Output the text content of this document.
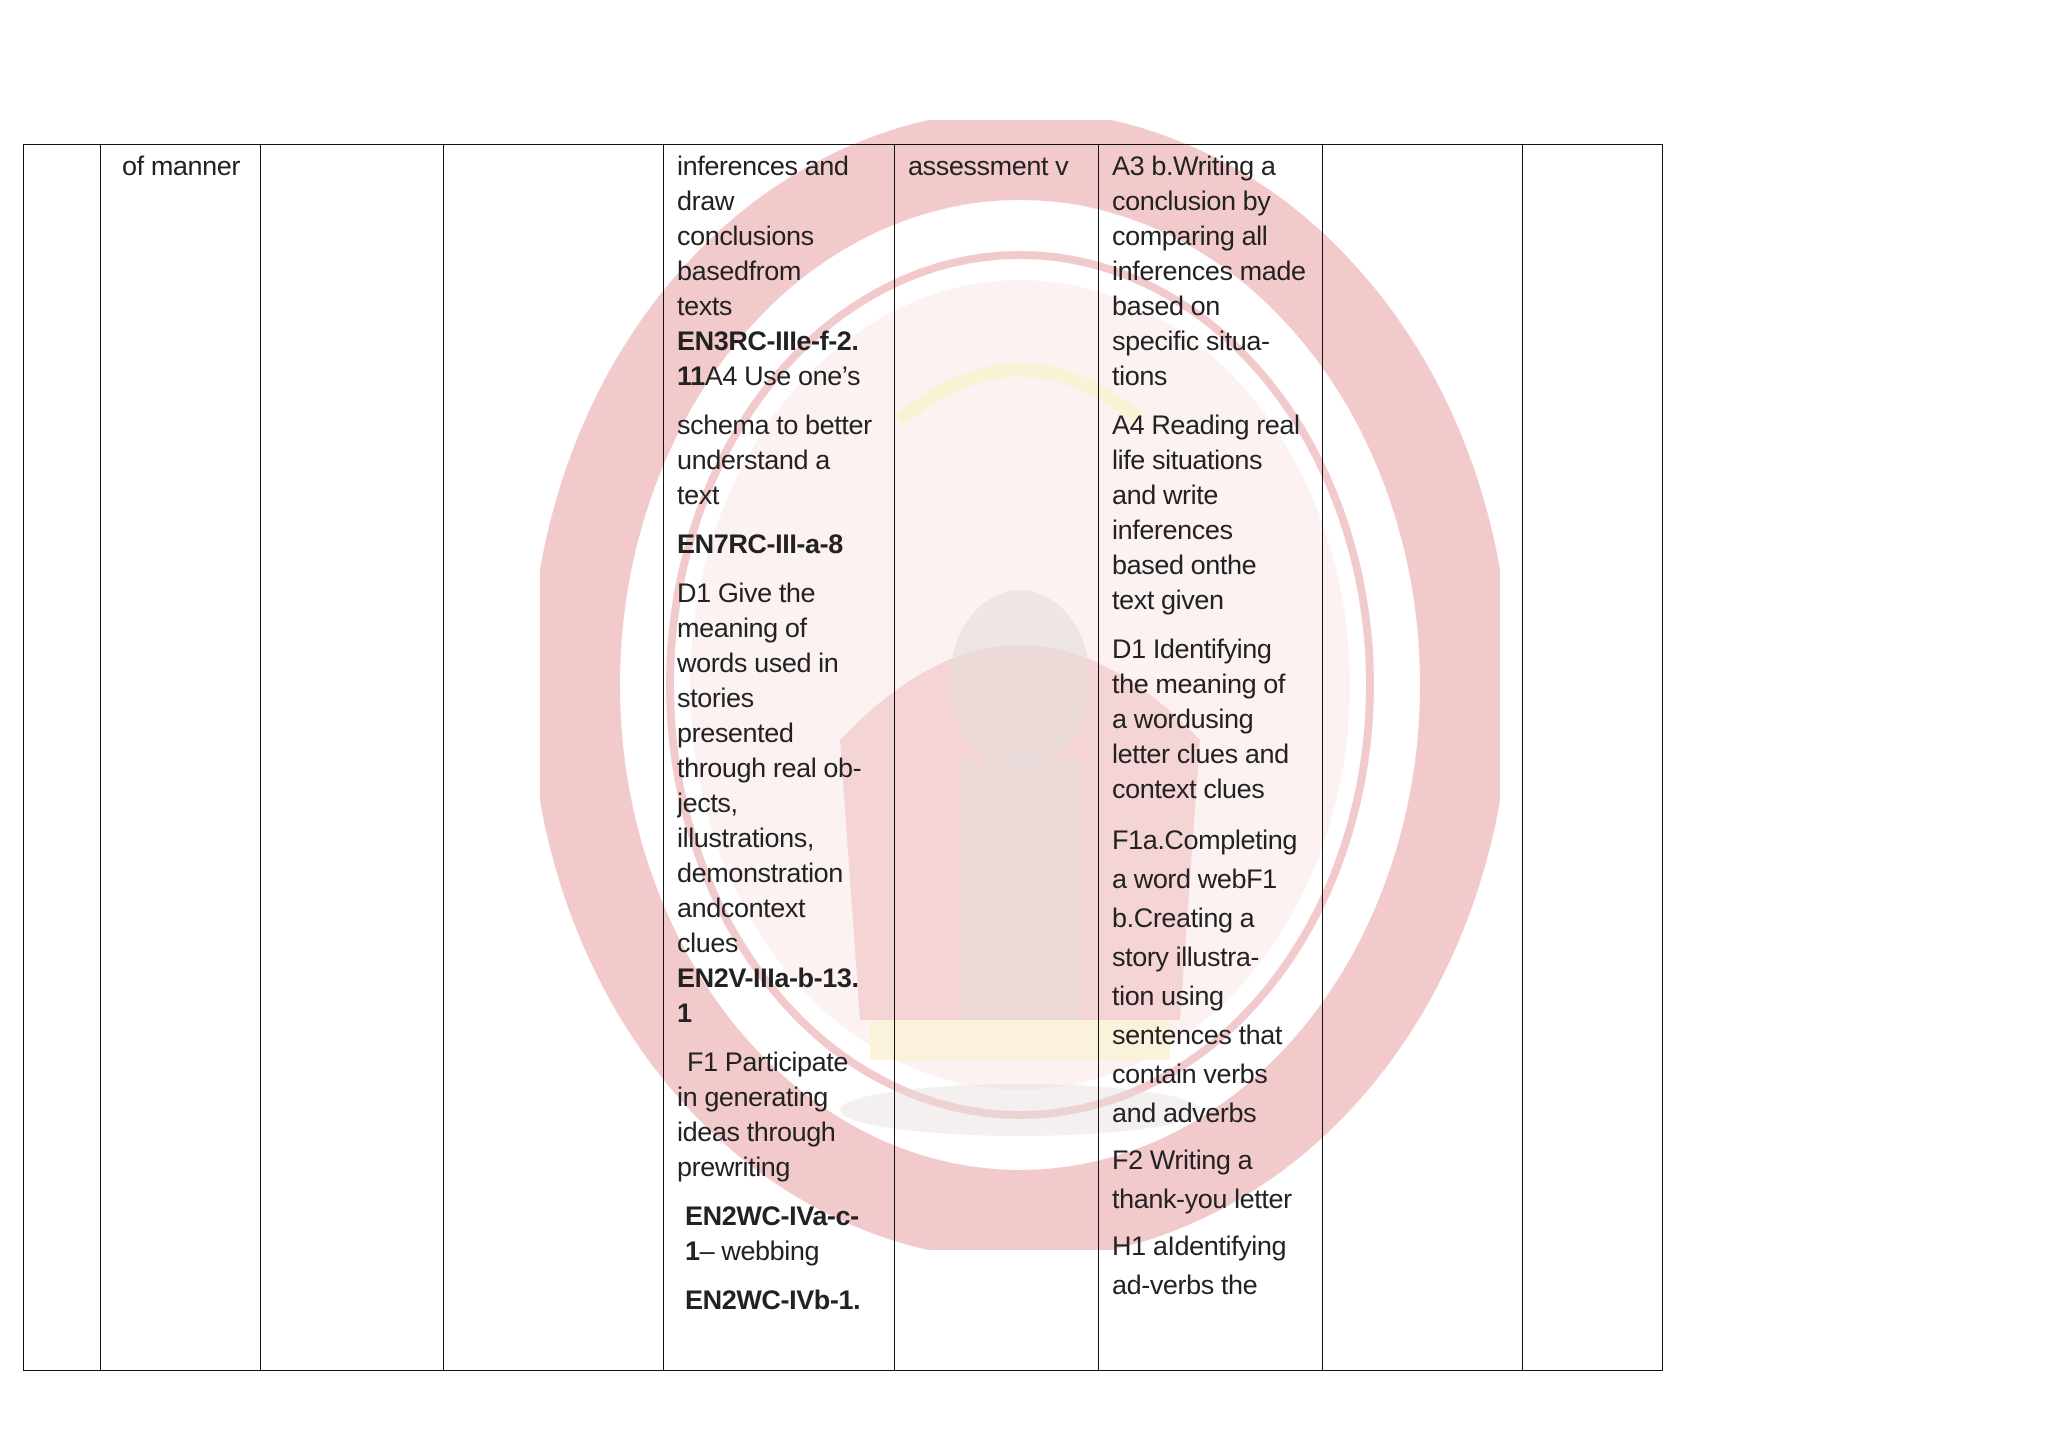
of manner	inferences and
draw
conclusions
basedfrom
texts
EN3RC-IIIe-f-2.
11A4 Use one’s
schema to better
understand a
text
EN7RC-III-a-8
D1 Give the
meaning of
words used in
stories
presented
through real ob-
jects,
illustrations,
demonstration
andcontext
clues
EN2V-IIIa-b-13.
1
F1 Participate
in generating
ideas through
prewriting
EN2WC-IVa-c-
1– webbing
EN2WC-IVb-1.
assessment v	A3 b.Writing a
conclusion by
comparing all
inferences made
based on
specific situa-
tions
A4 Reading real
life situations
and write
inferences
based onthe
text given
D1 Identifying
the meaning of
a wordusing
letter clues and
context clues
F1a.Completing
a word webF1
b.Creating a
story illustra-
tion using
sentences that
contain verbs
and adverbs
F2 Writing a
thank-you letter
H1 aIdentifying
ad-verbs the
